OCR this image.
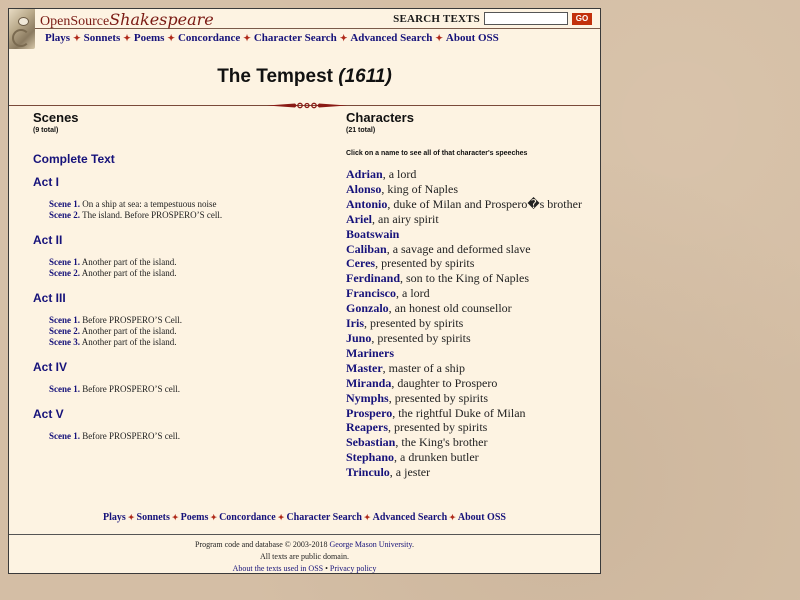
OpenSourceShakespeare	SEARCH TEXTS	GO
Plays ✦ Sonnets ✦ Poems ✦ Concordance ✦ Character Search ✦ Advanced Search ✦ About OSS
The Tempest (1611)
Scenes
(9 total)
Complete Text
Act I
Scene 1. On a ship at sea: a tempestuous noise
Scene 2. The island. Before PROSPERO’S cell.
Act II
Scene 1. Another part of the island.
Scene 2. Another part of the island.
Act III
Scene 1. Before PROSPERO’S Cell.
Scene 2. Another part of the island.
Scene 3. Another part of the island.
Act IV
Scene 1. Before PROSPERO’S cell.
Act V
Scene 1. Before PROSPERO’S cell.
Characters
(21 total)
Click on a name to see all of that character's speeches
Adrian, a lord
Alonso, king of Naples
Antonio, duke of Milan and Prospero�s brother
Ariel, an airy spirit
Boatswain
Caliban, a savage and deformed slave
Ceres, presented by spirits
Ferdinand, son to the King of Naples
Francisco, a lord
Gonzalo, an honest old counsellor
Iris, presented by spirits
Juno, presented by spirits
Mariners
Master, master of a ship
Miranda, daughter to Prospero
Nymphs, presented by spirits
Prospero, the rightful Duke of Milan
Reapers, presented by spirits
Sebastian, the King's brother
Stephano, a drunken butler
Trinculo, a jester
Plays ✦ Sonnets ✦ Poems ✦ Concordance ✦ Character Search ✦ Advanced Search ✦ About OSS
Program code and database © 2003-2018 George Mason University.
All texts are public domain.
About the texts used in OSS • Privacy policy
